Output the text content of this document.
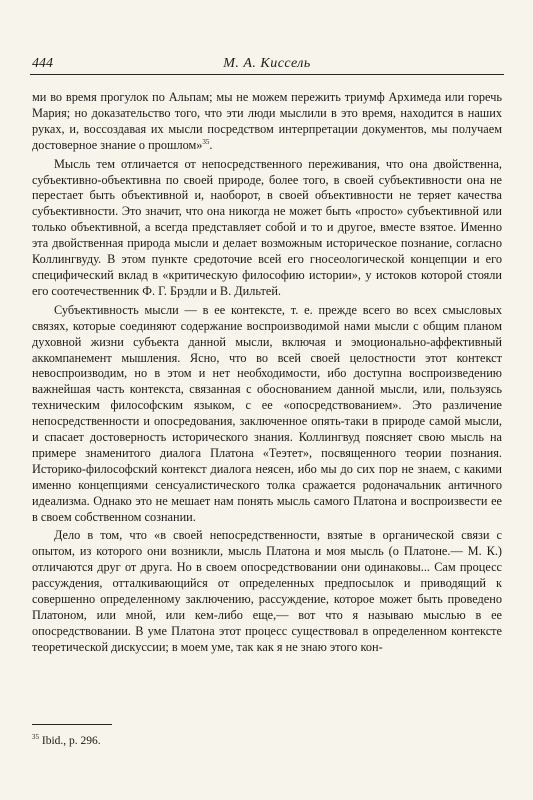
444	М. А. Киссель

ми во время прогулок по Альпам; мы не можем пережить триумф Архимеда или горечь Мария; но доказательство того, что эти люди мыслили в это время, находится в наших руках, и, воссоздавая их мысли посредством интерпретации документов, мы получаем достоверное знание о прошлом»$^{35}$.

Мысль тем отличается от непосредственного переживания, что она двойственна, субъективно-объективна по своей природе, более того, в своей субъективности она не перестает быть объективной и, наоборот, в своей объективности не теряет качества субъективности. Это значит, что она никогда не может быть «просто» субъективной или только объективной, а всегда представляет собой и то и другое, вместе взятое. Именно эта двойственная природа мысли и делает возможным историческое познание, согласно Коллингвуду. В этом пункте средоточие всей его гносеологической концепции и его специфический вклад в «критическую философию истории», у истоков которой стояли его соотечественник Ф. Г. Брэдли и В. Дильтей.

Субъективность мысли — в ее контексте, т. е. прежде всего во всех смысловых связях, которые соединяют содержание воспроизводимой нами мысли с общим планом духовной жизни субъекта данной мысли, включая и эмоционально-аффективный аккомпанемент мышления. Ясно, что во всей своей целостности этот контекст невоспроизводим, но в этом и нет необходимости, ибо доступна воспроизведению важнейшая часть контекста, связанная с обоснованием данной мысли, или, пользуясь техническим философским языком, с ее «опосредствованием». Это различение непосредственности и опосредования, заключенное опять-таки в природе самой мысли, и спасает достоверность исторического знания. Коллингвуд поясняет свою мысль на примере знаменитого диалога Платона «Теэтет», посвященного теории познания. Историко-философский контекст диалога неясен, ибо мы до сих пор не знаем, с какими именно концепциями сенсуалистического толка сражается родоначальник античного идеализма. Однако это не мешает нам понять мысль самого Платона и воспроизвести ее в своем собственном сознании.

Дело в том, что «в своей непосредственности, взятые в органической связи с опытом, из которого они возникли, мысль Платона и моя мысль (о Платоне.— М. К.) отличаются друг от друга. Но в своем опосредствовании они одинаковы... Сам процесс рассуждения, отталкивающийся от определенных предпосылок и приводящий к совершенно определенному заключению, рассуждение, которое может быть проведено Платоном, или мной, или кем-либо еще,— вот что я называю мыслью в ее опосредствовании. В уме Платона этот процесс существовал в определенном контексте теоретической дискуссии; в моем уме, так как я не знаю этого кон-

$^{35}$ Ibid., p. 296.
